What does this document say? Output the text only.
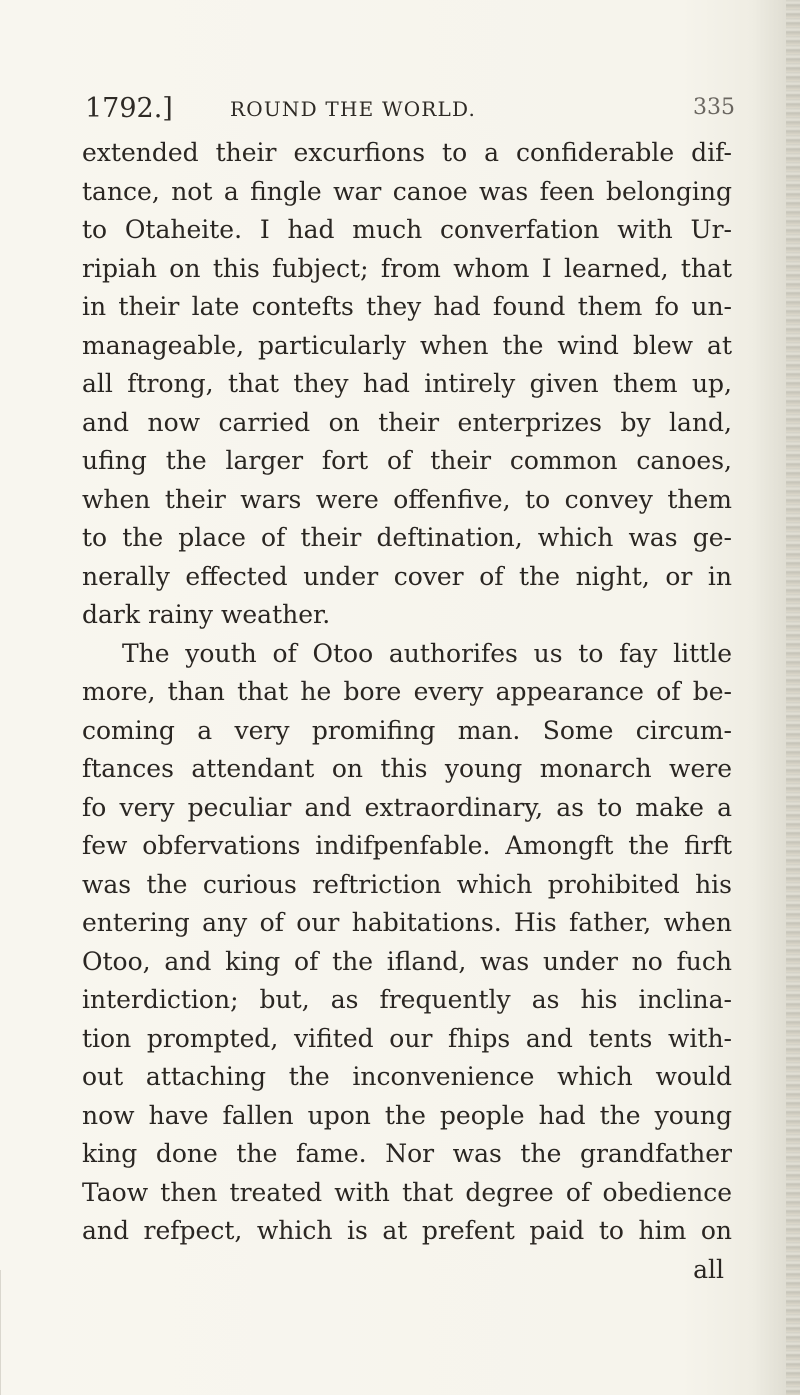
1792.]	ROUND THE WORLD.	335
extended their excurfions to a confiderable dif-
tance, not a fingle war canoe was feen belonging
to Otaheite. I had much converfation with Ur-
ripiah on this fubject; from whom I learned, that
in their late contefts they had found them fo un-
manageable, particularly when the wind blew at
all ftrong, that they had intirely given them up,
and now carried on their enterprizes by land,
ufing the larger fort of their common canoes,
when their wars were offenfive, to convey them
to the place of their deftination, which was ge-
nerally effected under cover of the night, or in
dark rainy weather.
The youth of Otoo authorifes us to fay little
more, than that he bore every appearance of be-
coming a very promifing man. Some circum-
ftances attendant on this young monarch were
fo very peculiar and extraordinary, as to make a
few obfervations indifpenfable. Amongft the firft
was the curious reftriction which prohibited his
entering any of our habitations. His father, when
Otoo, and king of the ifland, was under no fuch
interdiction; but, as frequently as his inclina-
tion prompted, vifited our fhips and tents with-
out attaching the inconvenience which would
now have fallen upon the people had the young
king done the fame. Nor was the grandfather
Taow then treated with that degree of obedience
and refpect, which is at prefent paid to him on
all
